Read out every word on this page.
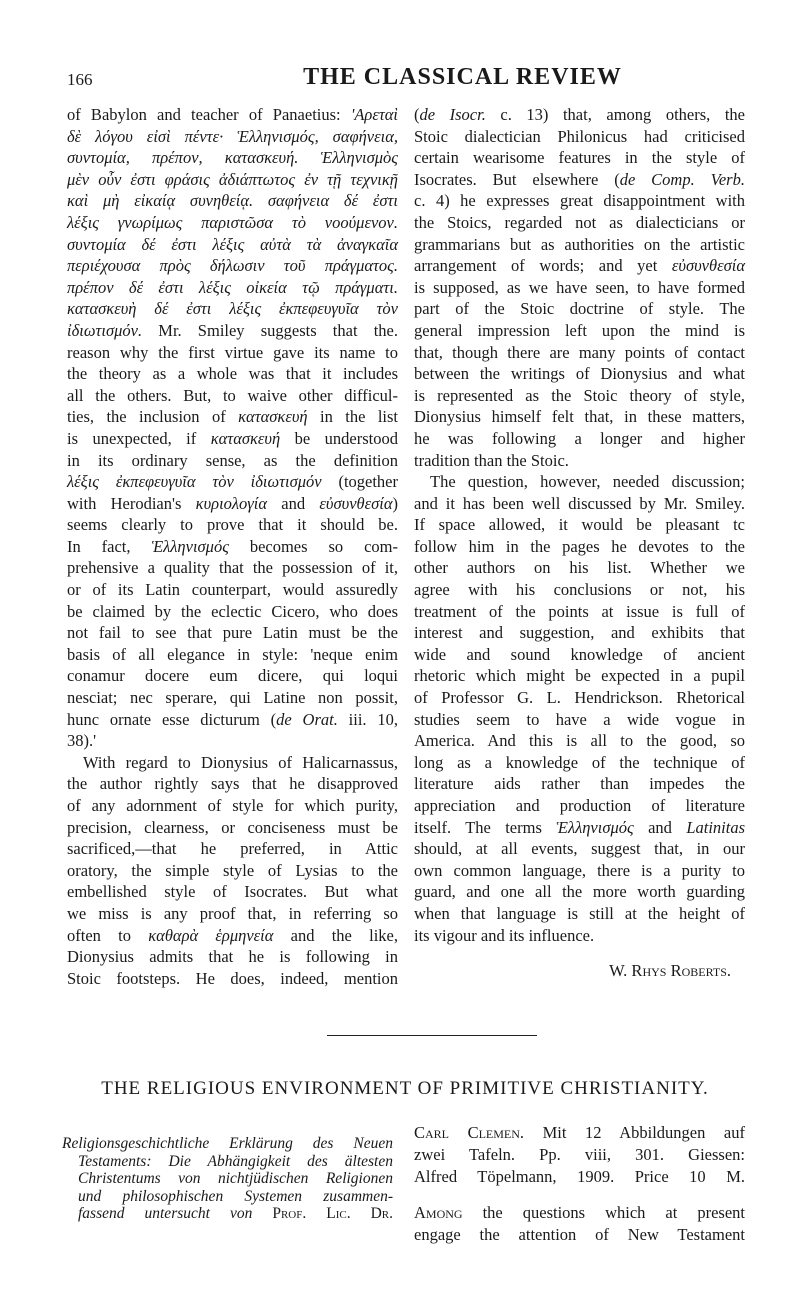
166	THE CLASSICAL REVIEW
of Babylon and teacher of Panaetius: 'Αρεταὶ
δὲ λόγου εἰσὶ πέντε· Ἑλληνισμός, σαφήνεια,
συντομία, πρέπον, κατασκευή. Ἑλληνισμὸς
μὲν οὖν ἐστι φράσις ἀδιάπτωτος ἐν τῇ τεχνικῇ
καὶ μὴ εἰκαίᾳ συνηθείᾳ. σαφήνεια δέ ἐστι
λέξις γνωρίμως παριστῶσα τὸ νοούμενον.
συντομία δέ ἐστι λέξις αὐτὰ τὰ ἀναγκαῖα
περιέχουσα πρὸς δήλωσιν τοῦ πράγματος.
πρέπον δέ ἐστι λέξις οἰκεία τῷ πράγματι.
κατασκευὴ δέ ἐστι λέξις ἐκπεφευγυῖα τὸν
ἰδιωτισμόν. Mr. Smiley suggests that the.
reason why the first virtue gave its name to
the theory as a whole was that it includes
all the others. But, to waive other difficul-
ties, the inclusion of κατασκευή in the list
is unexpected, if κατασκευή be understood
in its ordinary sense, as the definition
λέξις ἐκπεφευγυῖα τὸν ἰδιωτισμόν (together
with Herodian's κυριολογία and εὐσυνθεσία)
seems clearly to prove that it should be.
In fact, Ἑλληνισμός becomes so com-
prehensive a quality that the possession of it,
or of its Latin counterpart, would assuredly
be claimed by the eclectic Cicero, who does
not fail to see that pure Latin must be the
basis of all elegance in style: 'neque enim
conamur docere eum dicere, qui loqui
nesciat; nec sperare, qui Latine non possit,
hunc ornate esse dicturum (de Orat. iii. 10,
38).'
With regard to Dionysius of Halicarnassus,
the author rightly says that he disapproved
of any adornment of style for which purity,
precision, clearness, or conciseness must be
sacrificed,—that he preferred, in Attic
oratory, the simple style of Lysias to the
embellished style of Isocrates. But what
we miss is any proof that, in referring so
often to καθαρὰ ἑρμηνεία and the like,
Dionysius admits that he is following in
Stoic footsteps. He does, indeed, mention
(de Isocr. c. 13) that, among others, the
Stoic dialectician Philonicus had criticised
certain wearisome features in the style of
Isocrates. But elsewhere (de Comp. Verb.
c. 4) he expresses great disappointment with
the Stoics, regarded not as dialecticians or
grammarians but as authorities on the artistic
arrangement of words; and yet εὐσυνθεσία
is supposed, as we have seen, to have formed
part of the Stoic doctrine of style. The
general impression left upon the mind is
that, though there are many points of contact
between the writings of Dionysius and what
is represented as the Stoic theory of style,
Dionysius himself felt that, in these matters,
he was following a longer and higher
tradition than the Stoic.
The question, however, needed discussion;
and it has been well discussed by Mr. Smiley.
If space allowed, it would be pleasant tc
follow him in the pages he devotes to the
other authors on his list. Whether we
agree with his conclusions or not, his
treatment of the points at issue is full of
interest and suggestion, and exhibits that
wide and sound knowledge of ancient
rhetoric which might be expected in a pupil
of Professor G. L. Hendrickson. Rhetorical
studies seem to have a wide vogue in
America. And this is all to the good, so
long as a knowledge of the technique of
literature aids rather than impedes the
appreciation and production of literature
itself. The terms Ἑλληνισμός and Latinitas
should, at all events, suggest that, in our
own common language, there is a purity to
guard, and one all the more worth guarding
when that language is still at the height of
its vigour and its influence.
W. Rhys Roberts.
THE RELIGIOUS ENVIRONMENT OF PRIMITIVE CHRISTIANITY.
Religionsgeschichtliche Erklärung des Neuen
Testaments: Die Abhängigkeit des ältesten
Christentums von nichtjüdischen Religionen
und philosophischen Systemen zusammen-
fassend untersucht von Prof. Lic. Dr.
Carl Clemen. Mit 12 Abbildungen auf
zwei Tafeln. Pp. viii, 301. Giessen:
Alfred Töpelmann, 1909. Price 10 M.
Among the questions which at present
engage the attention of New Testament
